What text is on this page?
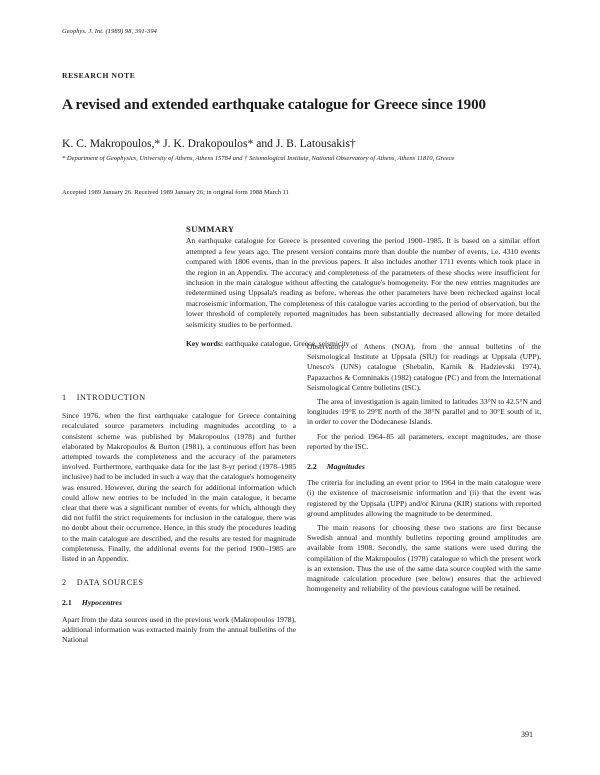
Geophys. J. Int. (1989) 98, 391-394
RESEARCH NOTE
A revised and extended earthquake catalogue for Greece since 1900
K. C. Makropoulos,* J. K. Drakopoulos* and J. B. Latousakis†
* Department of Geophysics, University of Athens, Athens 15784 and † Seismological Institute, National Observatory of Athens, Athens 11810, Greece
Accepted 1989 January 26. Received 1989 January 26; in original form 1988 March 11
SUMMARY

An earthquake catalogue for Greece is presented covering the period 1900–1985. It is based on a similar effort attempted a few years ago. The present version contains more than double the number of events, i.e. 4310 events compared with 1806 events, than in the previous papers. It also includes another 1711 events which took place in the region in an Appendix. The accuracy and completeness of the parameters of these shocks were insufficient for inclusion in the main catalogue without affecting the catalogue's homogeneity. For the new entries magnitudes are redetermined using Uppsala's reading as before, whereas the other parameters have been rechecked against local macroseismic information. The completeness of this catalogue varies according to the period of observation, but the lower threshold of completely reported magnitudes has been substantially decreased allowing for more detailed seismicity studies to be performed.

Key words: earthquake catalogue, Greece, seismicity
1 INTRODUCTION

Since 1976, when the first earthquake catalogue for Greece containing recalculated source parameters including magnitudes according to a consistent scheme was published by Makropoulos (1978) and further elaborated by Makropoulos & Burton (1981), a continuous effort has been attempted towards the completeness and the accuracy of the parameters involved. Furthermore, earthquake data for the last 8-yr period (1978–1985 inclusive) had to be included in such a way that the catalogue's homogeneity was ensured. However, during the search for additional information which could allow new entries to be included in the main catalogue, it became clear that there was a significant number of events for which, although they did not fulfil the strict requirements for inclusion in the catalogue, there was no doubt about their occurrence. Hence, in this study the procedures leading to the main catalogue are described, and the results are tested for magnitude completeness. Finally, the additional events for the period 1900–1985 are listed in an Appendix.

2 DATA SOURCES
2.1 Hypocentres

Apart from the data sources used in the previous work (Makropoulos 1978), additional information was extracted mainly from the annual bulletins of the National

Observatory of Athens (NOA), from the annual bulletins of the Seismological Institute at Uppsala (SIU) for readings at Uppsala (UPP), Unesco's (UNS) catalogue (Shebalin, Karnik & Hadzievski 1974), Papazachos & Comninakis (1982) catalogue (PC) and from the International Seismological Centre bulletins (ISC).

The area of investigation is again limited to latitudes 33°N to 42.5°N and longitudes 19°E to 29°E north of the 38°N parallel and to 30°E south of it, in order to cover the Dodecanese Islands.

For the period 1964–85 all parameters, except magnitudes, are those reported by the ISC.

2.2 Magnitudes

The criteria for including an event prior to 1964 in the main catalogue were (i) the existence of macroseismic information and (ii) that the event was registered by the Uppsala (UPP) and/or Kiruna (KIR) stations with reported ground amplitudes allowing the magnitude to be determined.

The main reasons for choosing these two stations are first because Swedish annual and monthly bulletins reporting ground amplitudes are available from 1908. Secondly, the same stations were used during the compilation of the Makropoulos (1978) catalogue to which the present work is an extension. Thus the use of the same data source coupled with the same magnitude calculation procedure (see below) ensures that the achieved homogeneity and reliability of the previous catalogue will be retained.

391
